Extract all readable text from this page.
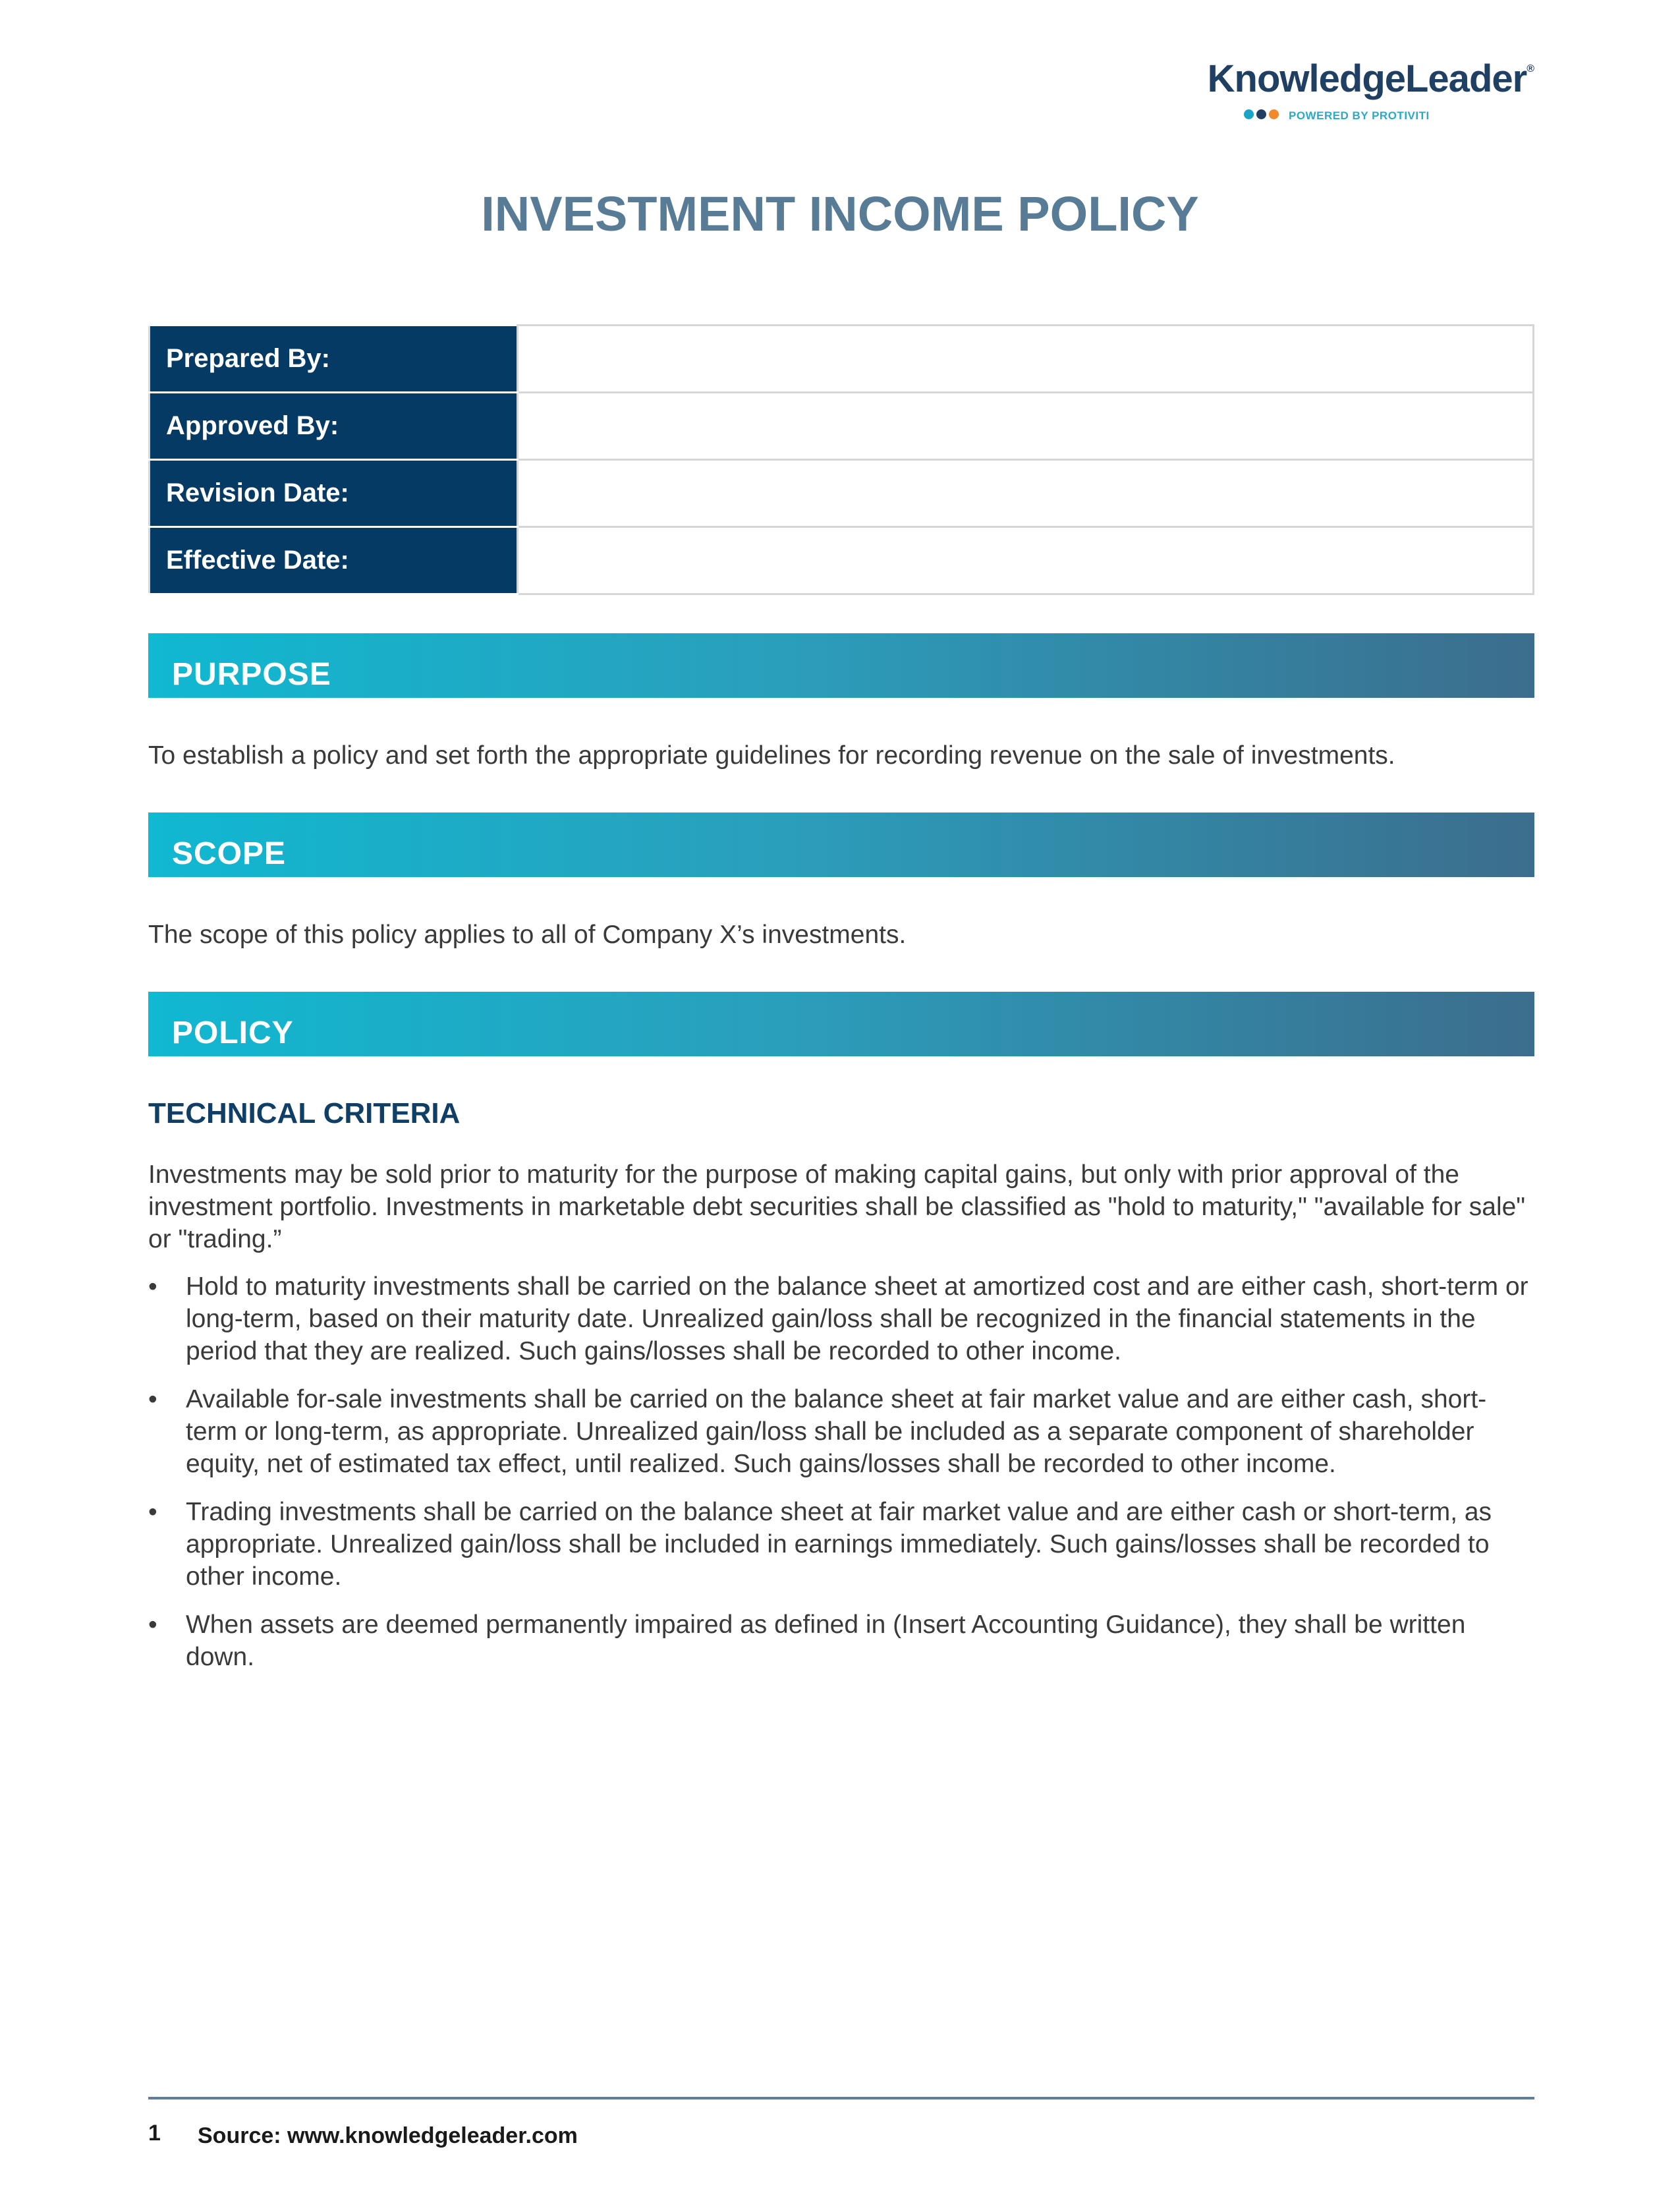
KnowledgeLeader®
POWERED BY PROTIVITI
INVESTMENT INCOME POLICY
Prepared By:	
Approved By:	
Revision Date:	
Effective Date:	
PURPOSE

To establish a policy and set forth the appropriate guidelines for recording revenue on the sale of investments.

SCOPE

The scope of this policy applies to all of Company X’s investments.

POLICY
TECHNICAL CRITERIA

Investments may be sold prior to maturity for the purpose of making capital gains, but only with prior approval of the investment portfolio. Investments in marketable debt securities shall be classified as "hold to maturity," "available for sale" or "trading.”

• Hold to maturity investments shall be carried on the balance sheet at amortized cost and are either cash, short-term or long-term, based on their maturity date. Unrealized gain/loss shall be recognized in the financial statements in the period that they are realized. Such gains/losses shall be recorded to other income.
• Available for-sale investments shall be carried on the balance sheet at fair market value and are either cash, short-term or long-term, as appropriate. Unrealized gain/loss shall be included as a separate component of shareholder equity, net of estimated tax effect, until realized. Such gains/losses shall be recorded to other income.
• Trading investments shall be carried on the balance sheet at fair market value and are either cash or short-term, as appropriate. Unrealized gain/loss shall be included in earnings immediately. Such gains/losses shall be recorded to other income.
• When assets are deemed permanently impaired as defined in (Insert Accounting Guidance), they shall be written down.
1 Source: www.knowledgeleader.com
